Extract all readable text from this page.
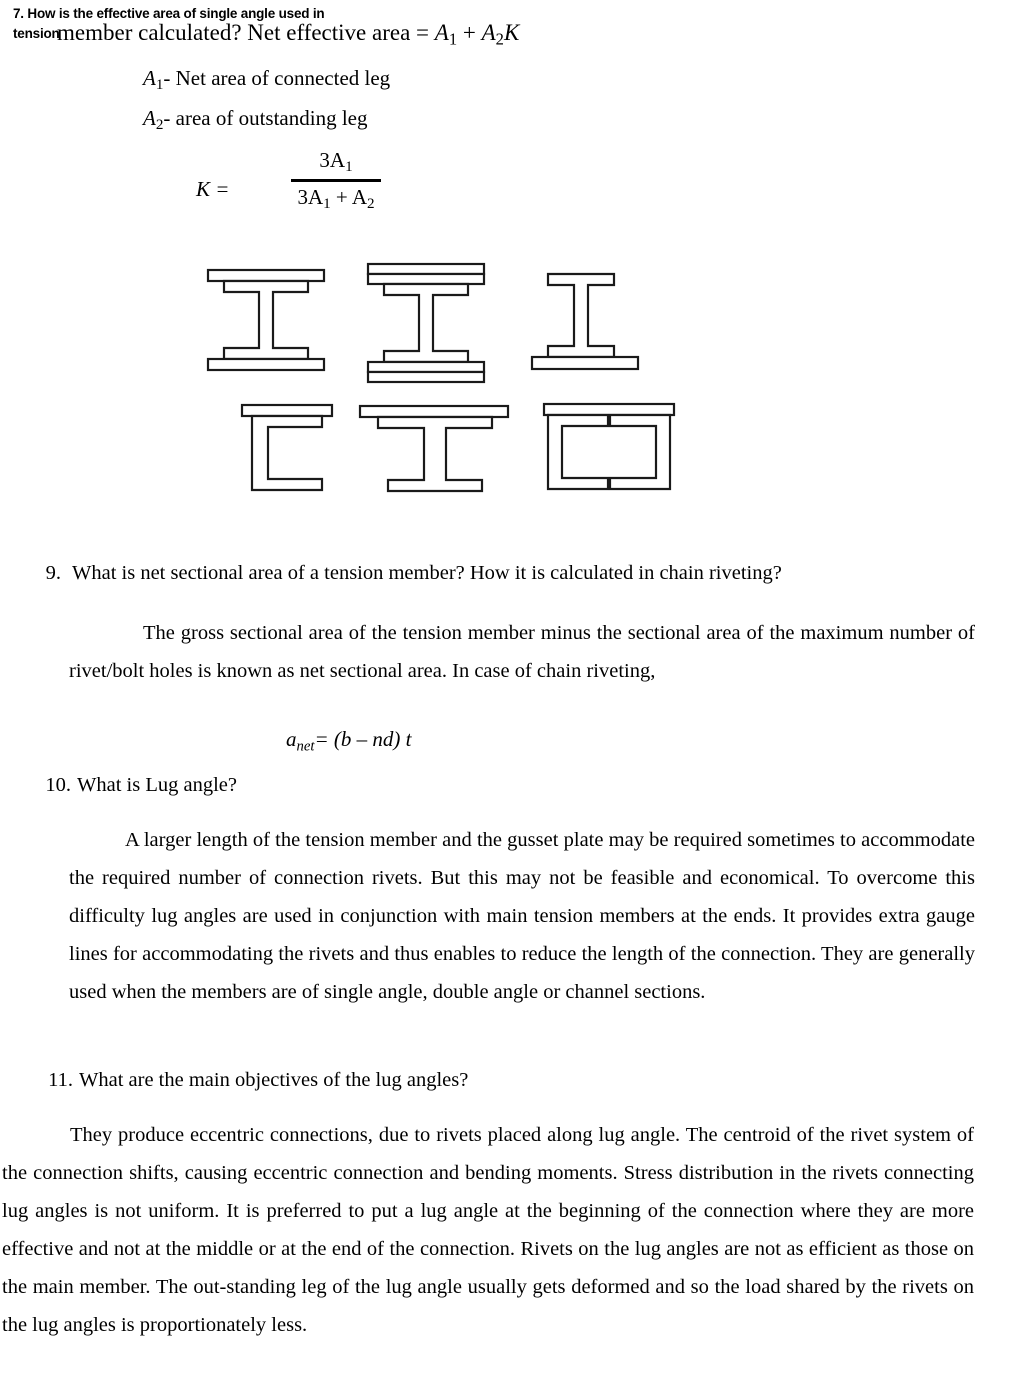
7. How is the effective area of single angle used in
tension
member calculated? Net effective area = $A_1 + A_2K$
$A_1-$ Net area of connected leg
$A_2-$ area of outstanding leg
K =
$3A_1$
$3A_1 + A_2$
9. What is net sectional area of a tension member? How it is calculated in chain riveting?
The gross sectional area of the tension member minus the sectional area of the maximum number of rivet/bolt holes is known as net sectional area. In case of chain riveting,
$a_{net}= (b - nd)$ t
10. What is Lug angle?
A larger length of the tension member and the gusset plate may be required sometimes to accommodate the required number of connection rivets. But this may not be feasible and economical. To overcome this difficulty lug angles are used in conjunction with main tension members at the ends. It provides extra gauge lines for accommodating the rivets and thus enables to reduce the length of the connection. They are generally used when the members are of single angle, double angle or channel sections.
11. What are the main objectives of the lug angles?
They produce eccentric connections, due to rivets placed along lug angle. The centroid of the rivet system of the connection shifts, causing eccentric connection and bending moments. Stress distribution in the rivets connecting lug angles is not uniform. It is preferred to put a lug angle at the beginning of the connection where they are more effective and not at the middle or at the end of the connection. Rivets on the lug angles are not as efficient as those on the main member. The out-standing leg of the lug angle usually gets deformed and so the load shared by the rivets on the lug angles is proportionately less.
